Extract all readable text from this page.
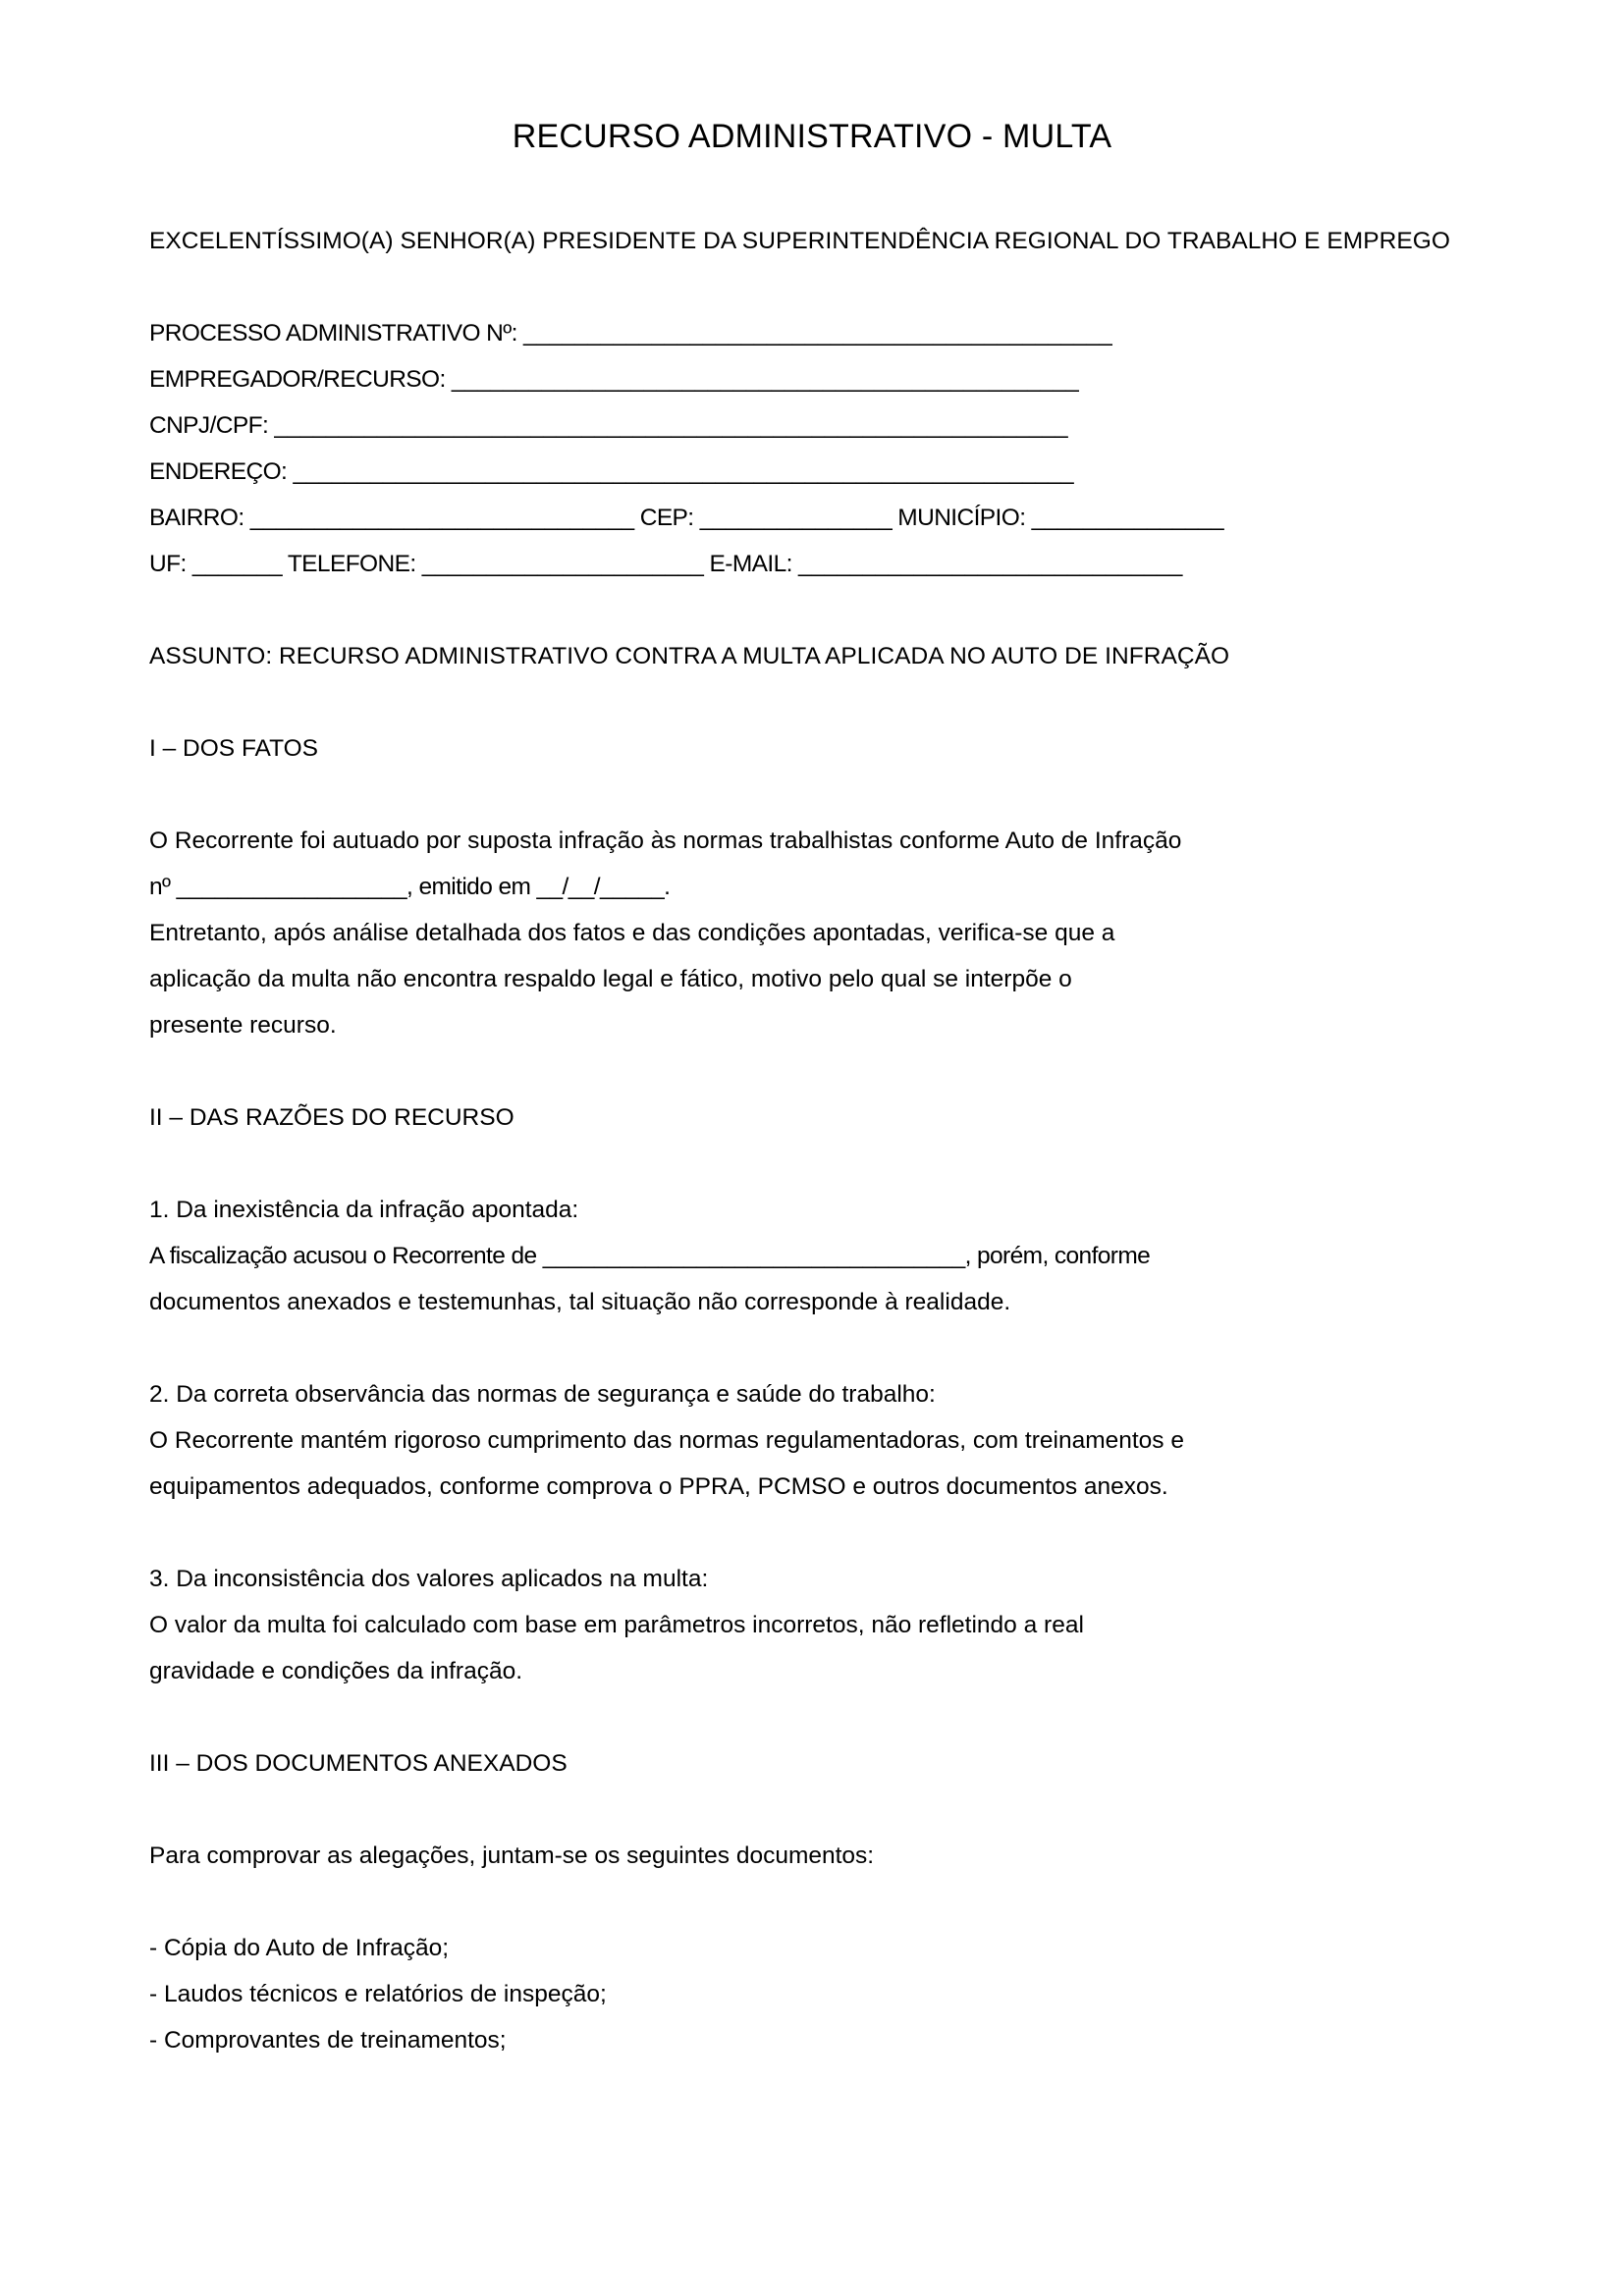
RECURSO ADMINISTRATIVO - MULTA
EXCELENTÍSSIMO(A) SENHOR(A) PRESIDENTE DA SUPERINTENDÊNCIA REGIONAL DO TRABALHO E EMPREGO
PROCESSO ADMINISTRATIVO Nº: ______________________________________________
EMPREGADOR/RECURSO: _________________________________________________
CNPJ/CPF: ______________________________________________________________
ENDEREÇO: _____________________________________________________________
BAIRRO: ______________________________ CEP: _______________ MUNICÍPIO: _______________
UF: _______ TELEFONE: ______________________ E-MAIL: ______________________________
ASSUNTO: RECURSO ADMINISTRATIVO CONTRA A MULTA APLICADA NO AUTO DE INFRAÇÃO
I – DOS FATOS
O Recorrente foi autuado por suposta infração às normas trabalhistas conforme Auto de Infração
nº __________________, emitido em __/__/_____.
Entretanto, após análise detalhada dos fatos e das condições apontadas, verifica-se que a
aplicação da multa não encontra respaldo legal e fático, motivo pelo qual se interpõe o
presente recurso.
II – DAS RAZÕES DO RECURSO
1. Da inexistência da infração apontada:
A fiscalização acusou o Recorrente de _________________________________, porém, conforme
documentos anexados e testemunhas, tal situação não corresponde à realidade.
2. Da correta observância das normas de segurança e saúde do trabalho:
O Recorrente mantém rigoroso cumprimento das normas regulamentadoras, com treinamentos e
equipamentos adequados, conforme comprova o PPRA, PCMSO e outros documentos anexos.
3. Da inconsistência dos valores aplicados na multa:
O valor da multa foi calculado com base em parâmetros incorretos, não refletindo a real
gravidade e condições da infração.
III – DOS DOCUMENTOS ANEXADOS
Para comprovar as alegações, juntam-se os seguintes documentos:
- Cópia do Auto de Infração;
- Laudos técnicos e relatórios de inspeção;
- Comprovantes de treinamentos;
